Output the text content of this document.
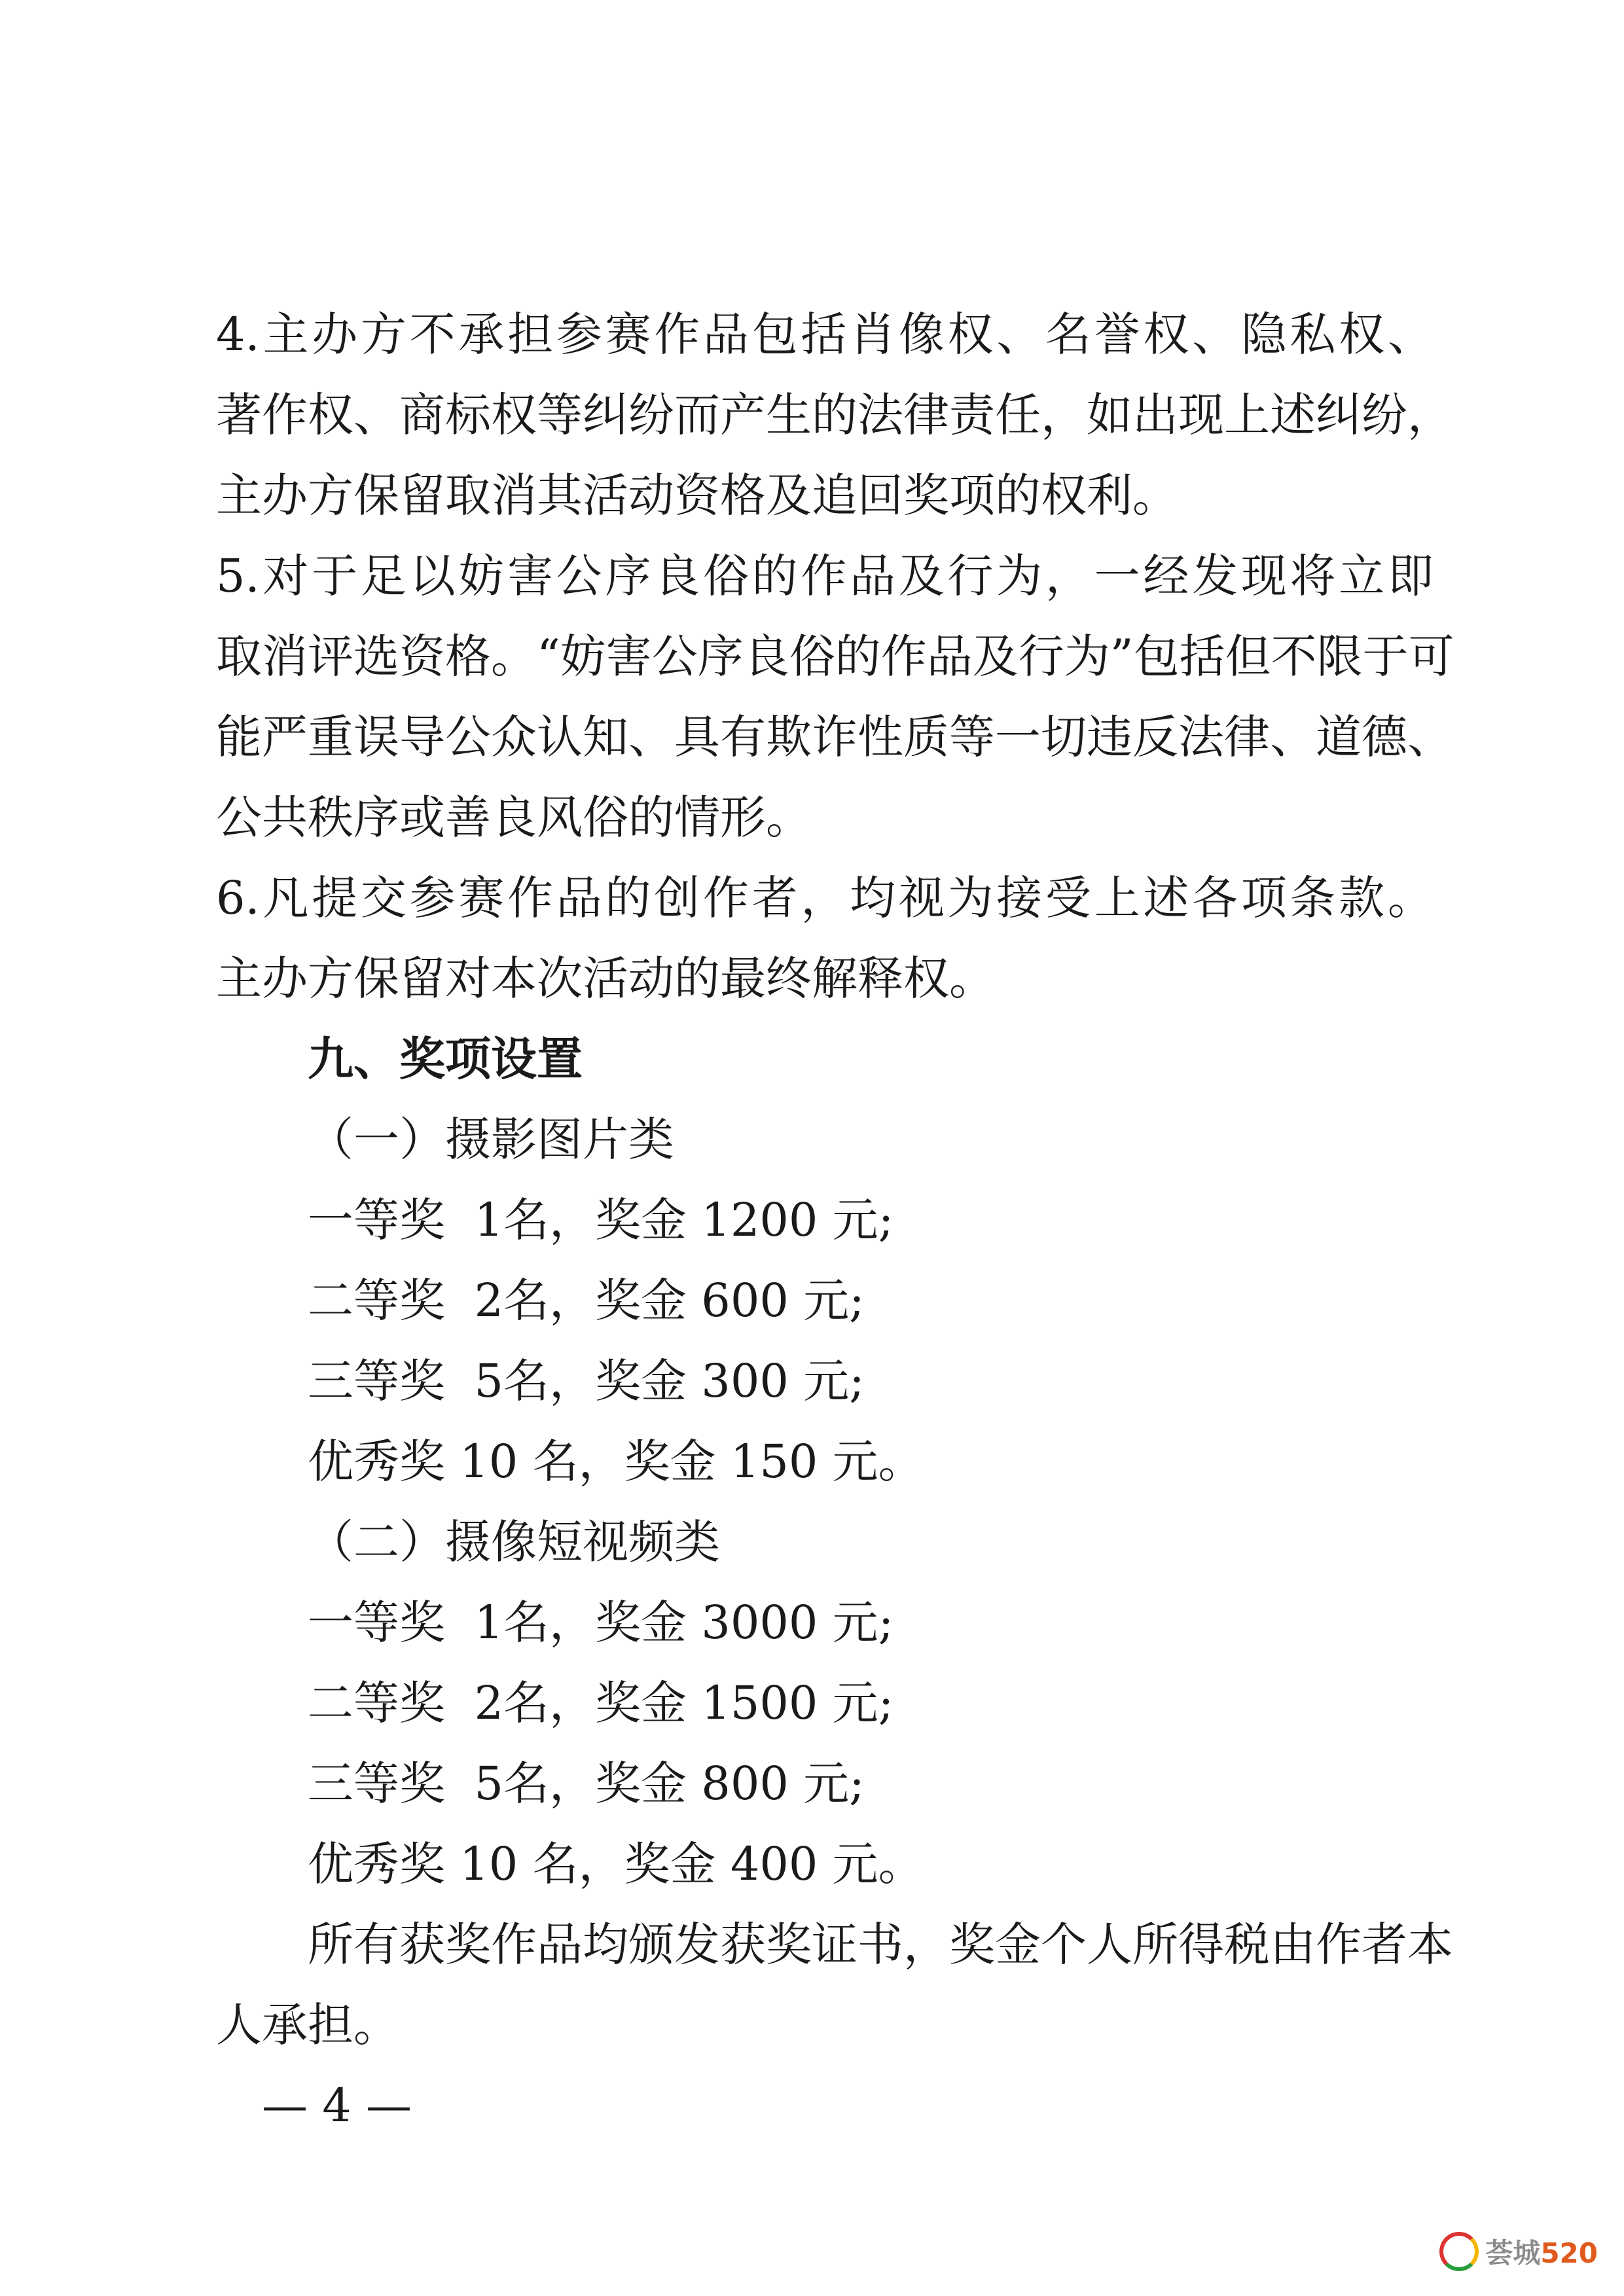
4.主办方不承担参赛作品包括肖像权、名誉权、隐私权、
著作权、商标权等纠纷而产生的法律责任，如出现上述纠纷，
主办方保留取消其活动资格及追回奖项的权利。
5.对于足以妨害公序良俗的作品及行为，一经发现将立即
取消评选资格。“妨害公序良俗的作品及行为”包括但不限于可
能严重误导公众认知、具有欺诈性质等一切违反法律、道德、
公共秩序或善良风俗的情形。
6.凡提交参赛作品的创作者，均视为接受上述各项条款。
主办方保留对本次活动的最终解释权。
九、奖项设置
（一）摄影图片类
一等奖  1名，奖金 1200 元;
二等奖  2名，奖金 600 元;
三等奖  5名，奖金 300 元;
优秀奖 10 名，奖金 150 元。
（二）摄像短视频类
一等奖  1名，奖金 3000 元;
二等奖  2名，奖金 1500 元;
三等奖  5名，奖金 800 元;
优秀奖 10 名，奖金 400 元。
所有获奖作品均颁发获奖证书，奖金个人所得税由作者本
人承担。
— 4 —
荟城520
